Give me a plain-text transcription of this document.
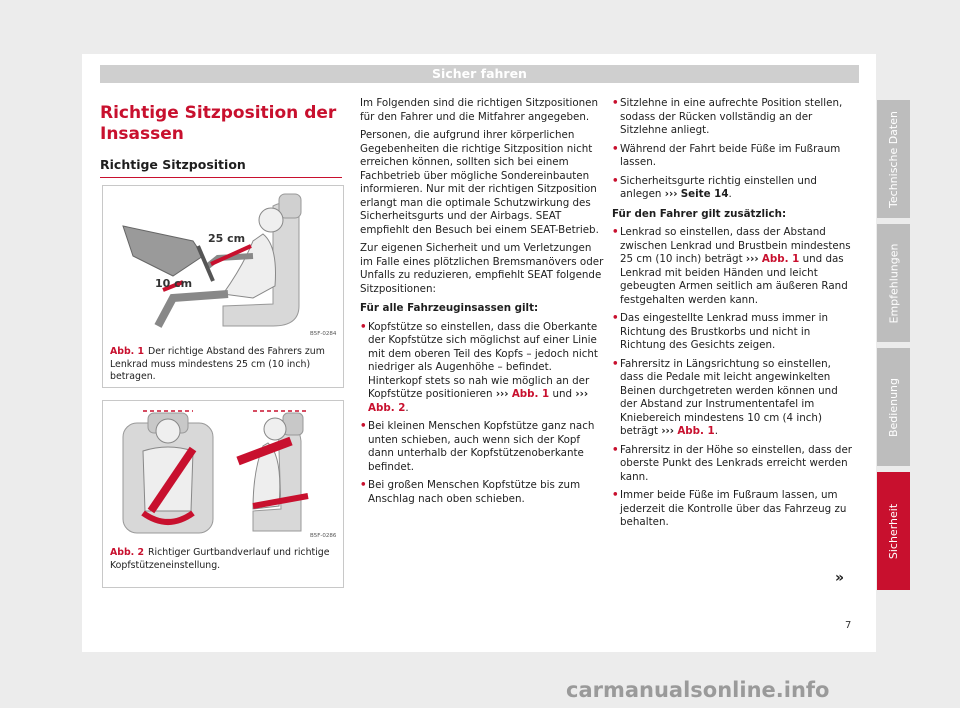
Sicher fahren
Richtige Sitzposition der Insassen
Richtige Sitzposition
25 cm
10 cm
B5F-0284
Abb. 1 Der richtige Abstand des Fahrers zum Lenkrad muss mindestens 25 cm (10 inch) betragen.
B5F-0286
Abb. 2 Richtiger Gurtbandverlauf und richtige Kopfstützeneinstellung.

Im Folgenden sind die richtigen Sitzpositionen für den Fahrer und die Mitfahrer angegeben.

Personen, die aufgrund ihrer körperlichen Gegebenheiten die richtige Sitzposition nicht erreichen können, sollten sich bei einem Fachbetrieb über mögliche Sondereinbauten informieren. Nur mit der richtigen Sitzposition erlangt man die optimale Schutzwirkung des Sicherheitsgurts und der Airbags. SEAT empfiehlt den Besuch bei einem SEAT-Betrieb.

Zur eigenen Sicherheit und um Verletzungen im Falle eines plötzlichen Bremsmanövers oder Unfalls zu reduzieren, empfiehlt SEAT folgende Sitzpositionen:

Für alle Fahrzeuginsassen gilt:

• Kopfstütze so einstellen, dass die Oberkante der Kopfstütze sich möglichst auf einer Linie mit dem oberen Teil des Kopfs – jedoch nicht niedriger als Augenhöhe – befindet. Hinterkopf stets so nah wie möglich an der Kopfstütze positionieren ››› Abb. 1 und ››› Abb. 2.

• Bei kleinen Menschen Kopfstütze ganz nach unten schieben, auch wenn sich der Kopf dann unterhalb der Kopfstützenoberkante befindet.

• Bei großen Menschen Kopfstütze bis zum Anschlag nach oben schieben.

• Sitzlehne in eine aufrechte Position stellen, sodass der Rücken vollständig an der Sitzlehne anliegt.

• Während der Fahrt beide Füße im Fußraum lassen.

• Sicherheitsgurte richtig einstellen und anlegen ››› Seite 14.

Für den Fahrer gilt zusätzlich:

• Lenkrad so einstellen, dass der Abstand zwischen Lenkrad und Brustbein mindestens 25 cm (10 inch) beträgt ››› Abb. 1 und das Lenkrad mit beiden Händen und leicht gebeugten Armen seitlich am äußeren Rand festgehalten werden kann.

• Das eingestellte Lenkrad muss immer in Richtung des Brustkorbs und nicht in Richtung des Gesichts zeigen.

• Fahrersitz in Längsrichtung so einstellen, dass die Pedale mit leicht angewinkelten Beinen durchgetreten werden können und der Abstand zur Instrumententafel im Kniebereich mindestens 10 cm (4 inch) beträgt ››› Abb. 1.

• Fahrersitz in der Höhe so einstellen, dass der oberste Punkt des Lenkrads erreicht werden kann.

• Immer beide Füße im Fußraum lassen, um jederzeit die Kontrolle über das Fahrzeug zu behalten.

»
7
Technische Daten
Empfehlungen
Bedienung
Sicherheit
carmanualsonline.info
